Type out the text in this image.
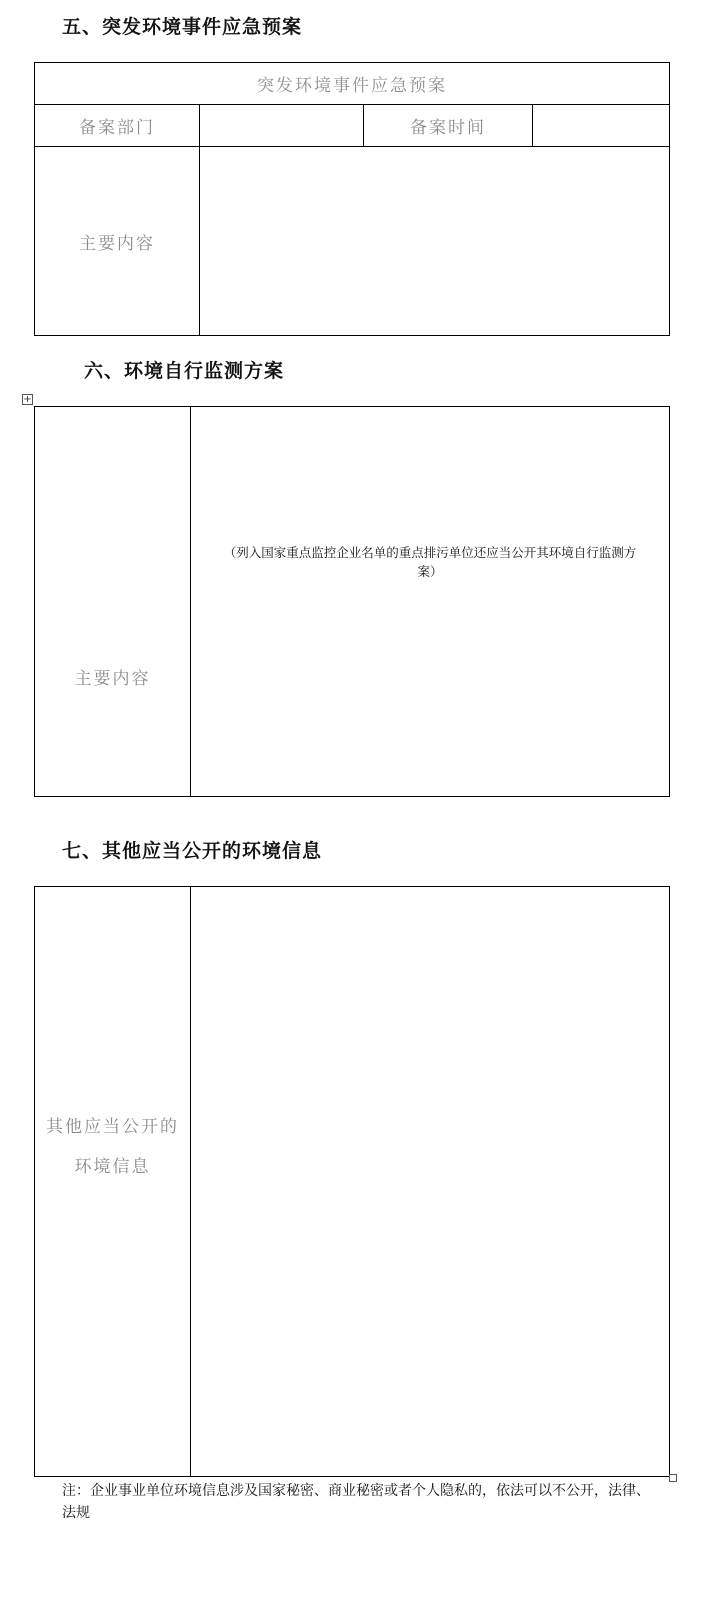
五、突发环境事件应急预案
突发环境事件应急预案
备案部门	备案时间
主要内容
六、环境自行监测方案
+
主要内容
（列入国家重点监控企业名单的重点排污单位还应当公开其环境自行监测方
案）
七、其他应当公开的环境信息
其他应当公开的
环境信息
注：企业事业单位环境信息涉及国家秘密、商业秘密或者个人隐私的，依法可以不公开，法律、
法规
